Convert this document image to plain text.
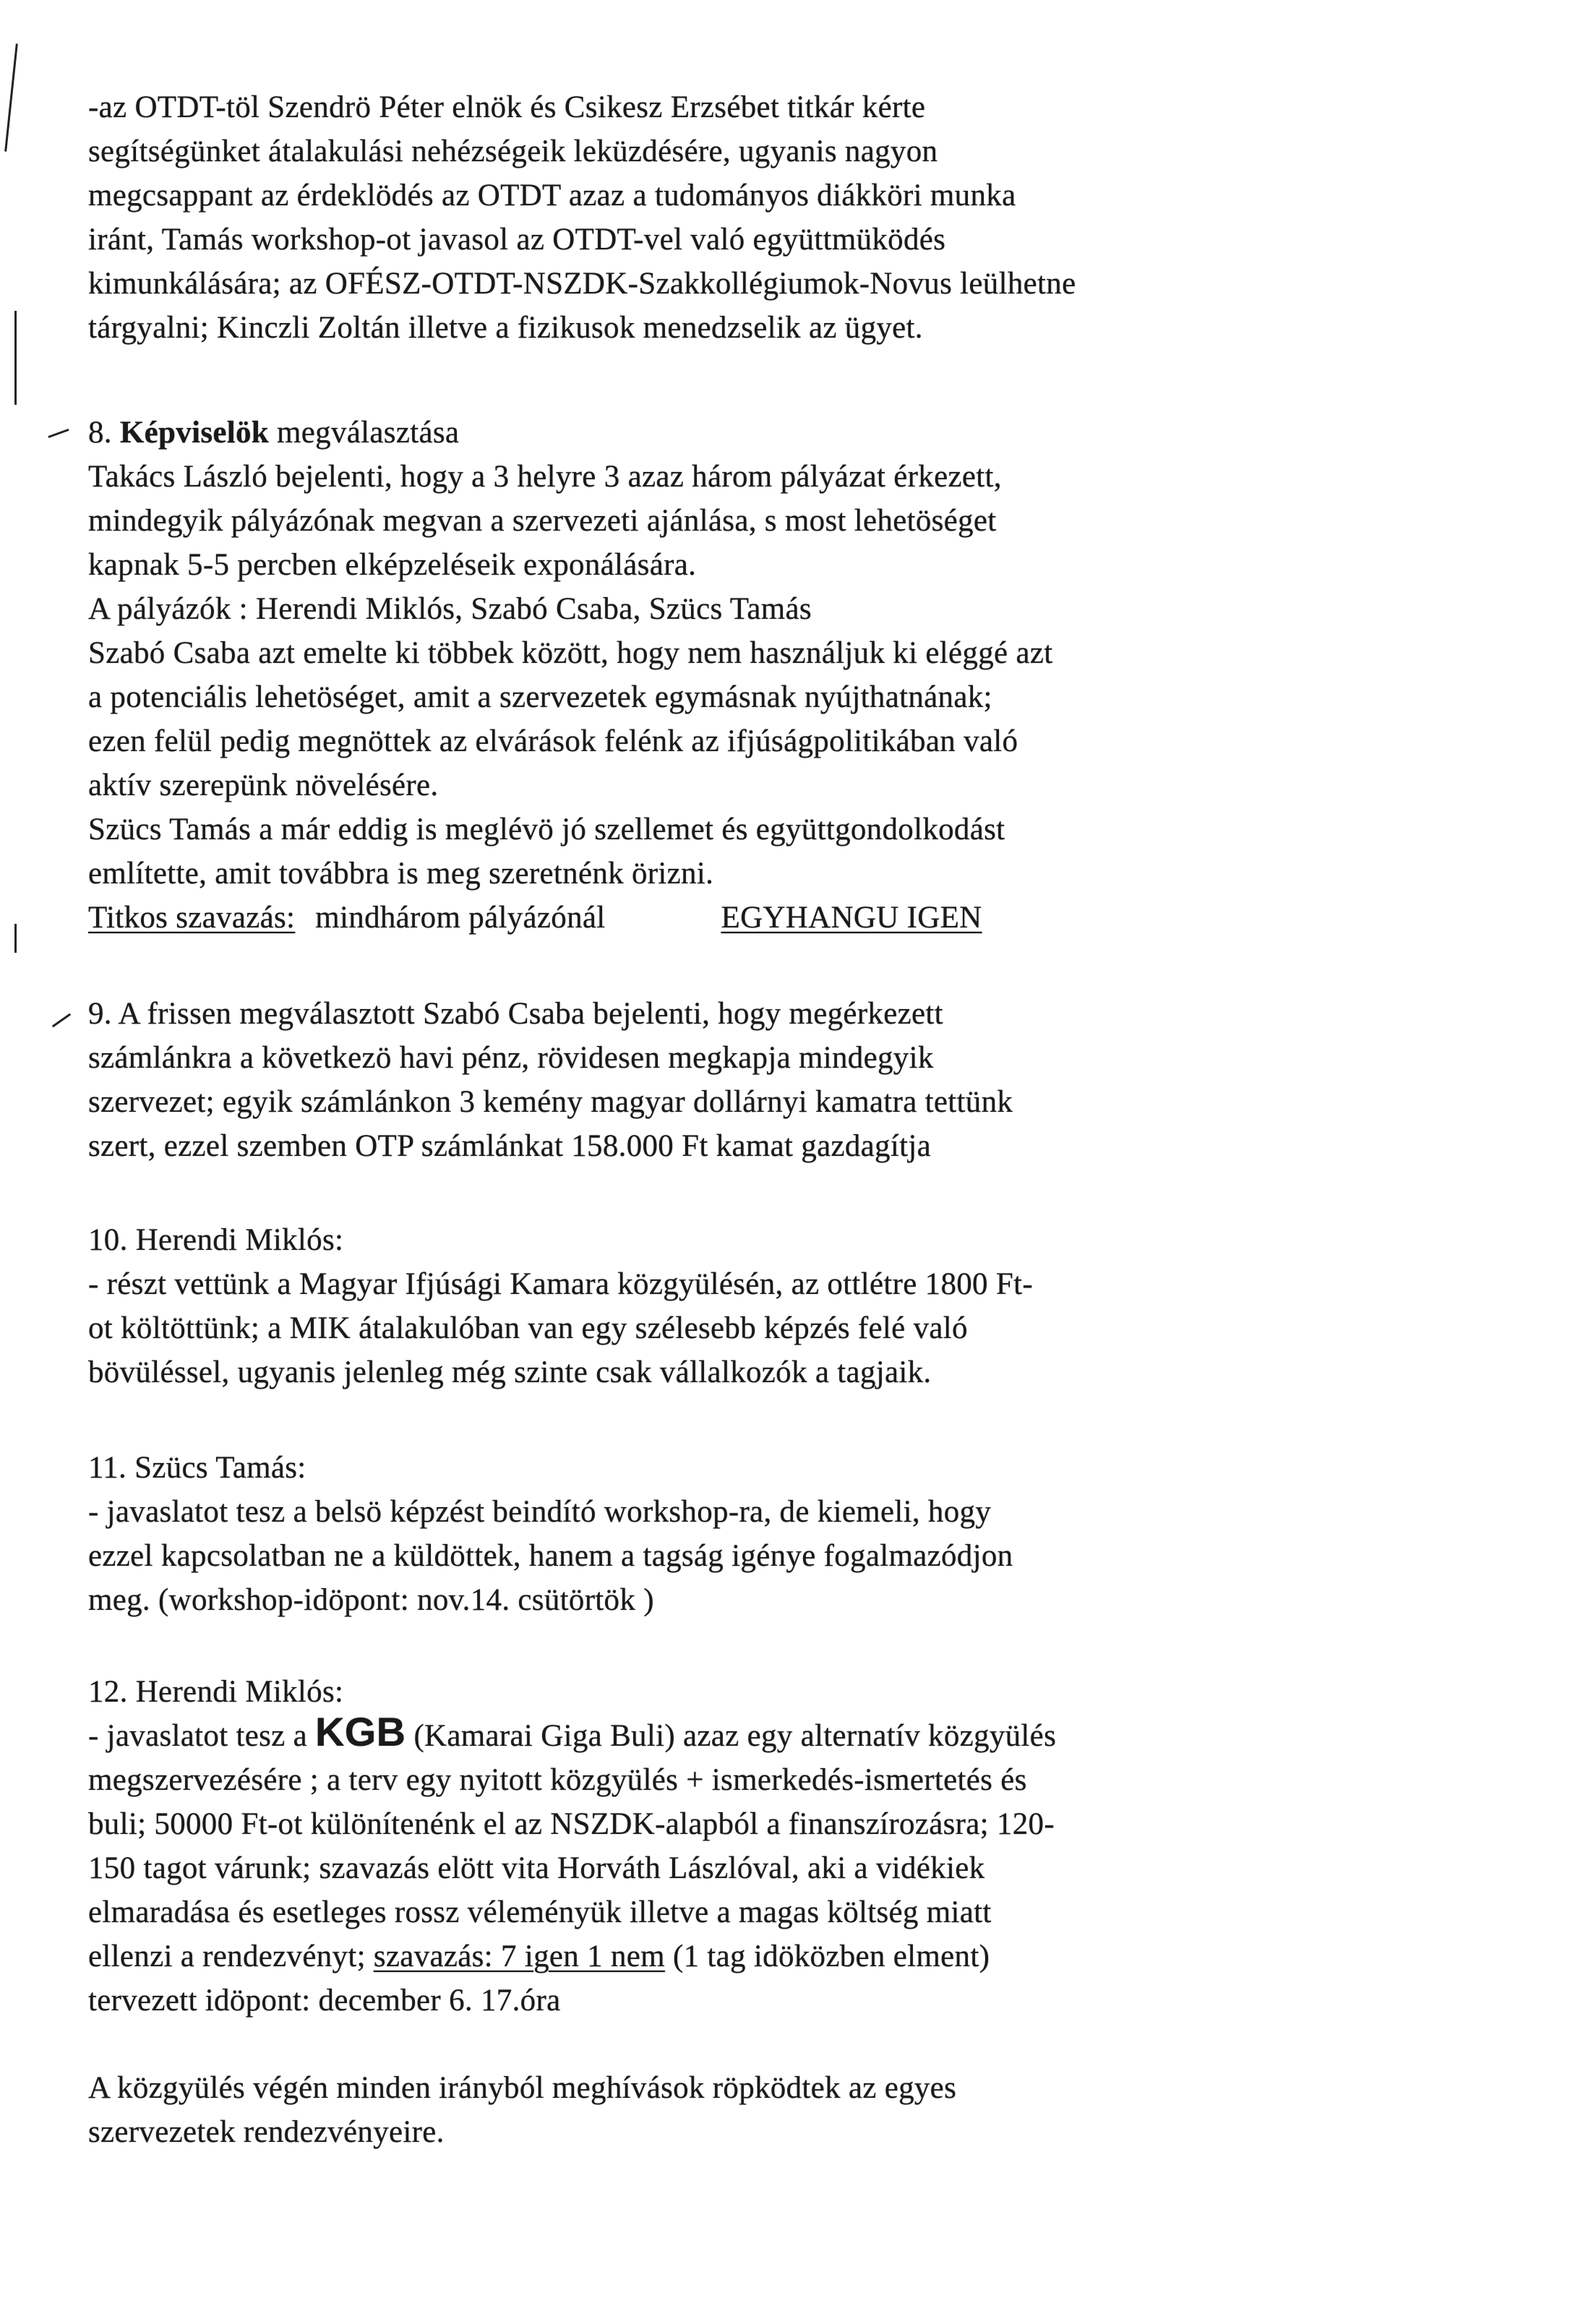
-az OTDT-töl Szendrö Péter elnök és Csikesz Erzsébet titkár kérte
segítségünket átalakulási nehézségeik leküzdésére, ugyanis nagyon
megcsappant az érdeklödés az OTDT azaz a tudományos diákköri munka
iránt, Tamás workshop-ot javasol az OTDT-vel való együttmüködés
kimunkálására; az OFÉSZ-OTDT-NSZDK-Szakkollégiumok-Novus leülhetne
tárgyalni; Kinczli Zoltán illetve a fizikusok menedzselik az ügyet.
8. Képviselök megválasztása
Takács László bejelenti, hogy a 3 helyre 3 azaz három pályázat érkezett,
mindegyik pályázónak megvan a szervezeti ajánlása, s most lehetöséget
kapnak 5-5 percben elképzeléseik exponálására.
A pályázók : Herendi Miklós, Szabó Csaba, Szücs Tamás
Szabó Csaba azt emelte ki többek között, hogy nem használjuk ki eléggé azt
a potenciális lehetöséget, amit a szervezetek egymásnak nyújthatnának;
ezen felül pedig megnöttek az elvárások felénk az ifjúságpolitikában való
aktív szerepünk növelésére.
Szücs Tamás a már eddig is meglévö jó szellemet és együttgondolkodást
említette, amit továbbra is meg szeretnénk örizni.
Titkos szavazás: mindhárom pályázónál	EGYHANGU IGEN
9. A frissen megválasztott Szabó Csaba bejelenti, hogy megérkezett
számlánkra a következö havi pénz, rövidesen megkapja mindegyik
szervezet; egyik számlánkon 3 kemény magyar dollárnyi kamatra tettünk
szert, ezzel szemben OTP számlánkat 158.000 Ft kamat gazdagítja
10. Herendi Miklós:
- részt vettünk a Magyar Ifjúsági Kamara közgyülésén, az ottlétre 1800 Ft-
ot költöttünk; a MIK átalakulóban van egy szélesebb képzés felé való
bövüléssel, ugyanis jelenleg még szinte csak vállalkozók a tagjaik.
11. Szücs Tamás:
- javaslatot tesz a belsö képzést beindító workshop-ra, de kiemeli, hogy
ezzel kapcsolatban ne a küldöttek, hanem a tagság igénye fogalmazódjon
meg. (workshop-idöpont: nov.14. csütörtök )
12. Herendi Miklós:
- javaslatot tesz a KGB (Kamarai Giga Buli) azaz egy alternatív közgyülés
megszervezésére ; a terv egy nyitott közgyülés + ismerkedés-ismertetés és
buli; 50000 Ft-ot különítenénk el az NSZDK-alapból a finanszírozásra; 120-
150 tagot várunk; szavazás elött vita Horváth Lászlóval, aki a vidékiek
elmaradása és esetleges rossz véleményük illetve a magas költség miatt
ellenzi a rendezvényt; szavazás: 7 igen 1 nem (1 tag idöközben elment)
tervezett idöpont: december 6. 17.óra
A közgyülés végén minden irányból meghívások röpködtek az egyes
szervezetek rendezvényeire.
